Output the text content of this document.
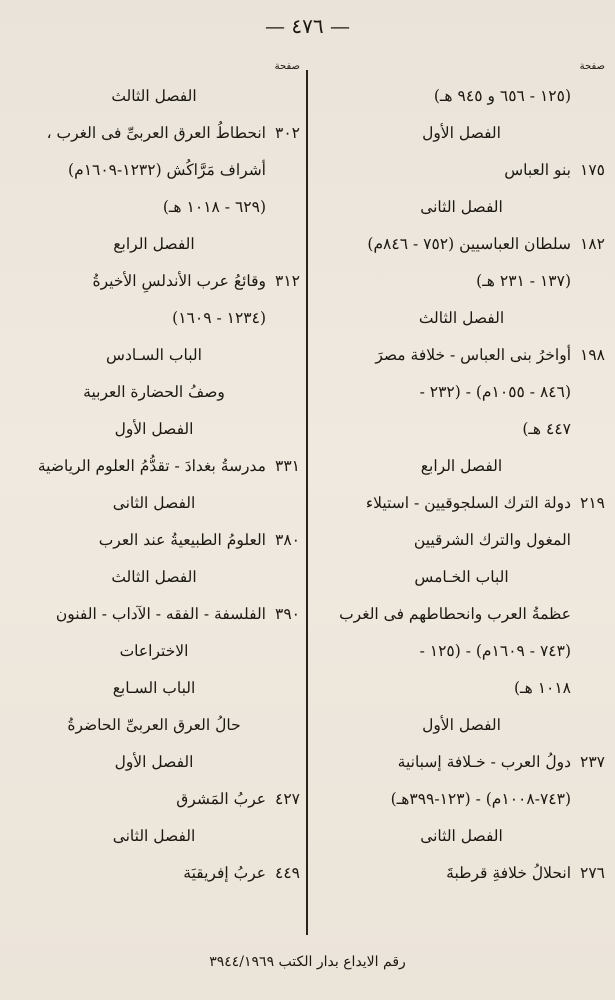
— ٤٧٦ —
صفحة
(١٢٥ - ٦٥٦ و ٩٤٥ هـ)
الفصل الأول
١٧٥
بنو العباس
الفصل الثانى
١٨٢
سلطان العباسيين (٧٥٢ - ٨٤٦م)
(١٣٧ - ٢٣١ هـ)
الفصل الثالث
١٩٨
أواخرُ بنى العباس - خلافة مصرَ
(٨٤٦ - ١٠٥٥م) - (٢٣٢ -
٤٤٧ هـ)
الفصل الرابع
٢١٩
دولة الترك السلجوقيين - استيلاء
المغول والترك الشرقيين
الباب الخـامس
عظمةُ العرب وانحطاطهم فى الغرب
(٧٤٣ - ١٦٠٩م) - (١٢٥ -
١٠١٨ هـ)
الفصل الأول
٢٣٧
دولُ العرب - خـلافة إسبانية
(٧٤٣-١٠٠٨م) - (١٢٣-٣٩٩هـ)
الفصل الثانى
٢٧٦
انحلالُ خلافةِ قرطبةَ
صفحة
الفصل الثالث
٣٠٢
انحطاطُ العرق العربىِّ فى الغرب ،
أشراف مَرَّاكُش (١٢٣٢-١٦٠٩م)
(٦٢٩ - ١٠١٨ هـ)
الفصل الرابع
٣١٢
وقائعُ عرب الأندلسِ الأخيرةُ
(١٢٣٤ - ١٦٠٩)
الباب السـادس
وصفُ الحضارة العربية
الفصل الأول
٣٣١
مدرسةُ بغدادَ - تقدُّمُ العلوم الرياضية
الفصل الثانى
٣٨٠
العلومُ الطبيعيةُ عند العرب
الفصل الثالث
٣٩٠
الفلسفة - الفقه - الآداب - الفنون
الاختراعات
الباب السـابع
حالُ العرق العربىِّ الحاضرةُ
الفصل الأول
٤٢٧
عربُ المَشرق
الفصل الثانى
٤٤٩
عربُ إفريقيَة
رقم الايداع بدار الكتب ٣٩٤٤/١٩٦٩
